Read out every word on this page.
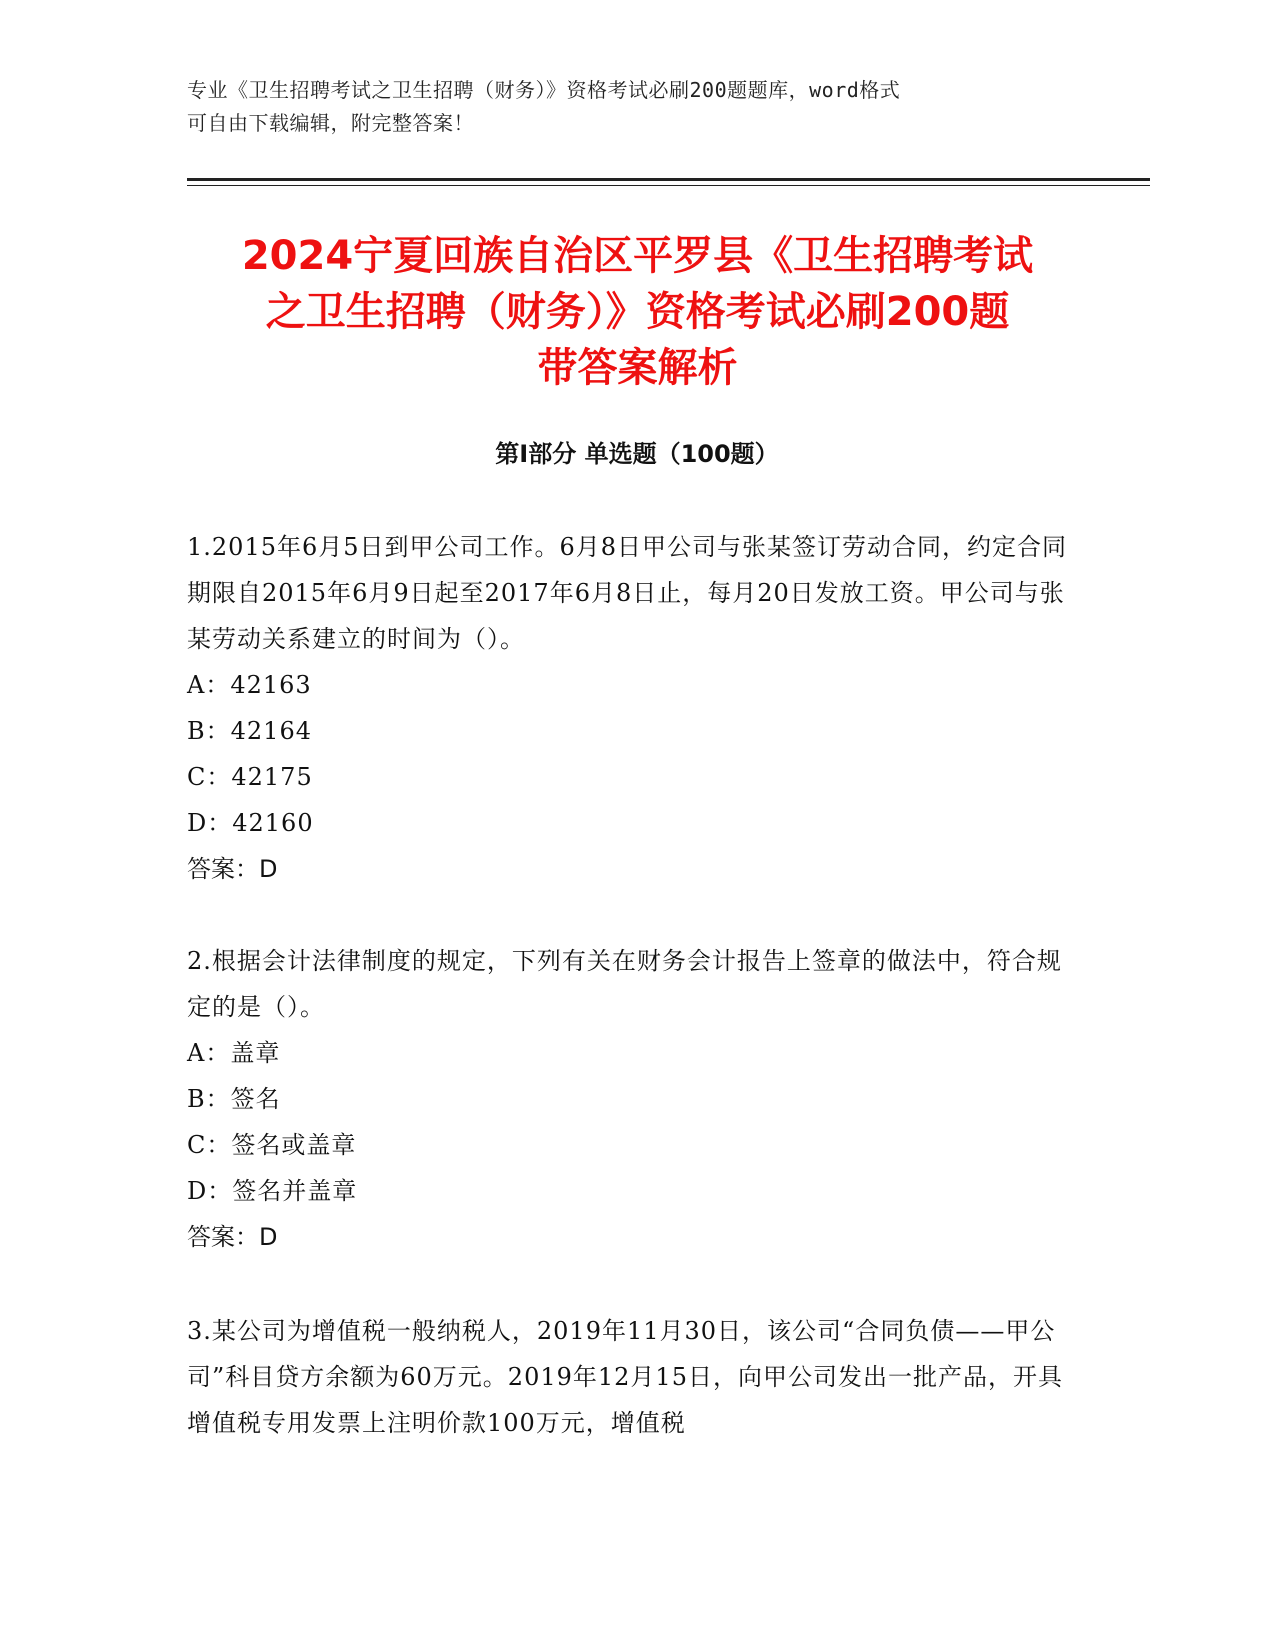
专业《卫生招聘考试之卫生招聘（财务）》资格考试必刷200题题库，word格式
可自由下载编辑，附完整答案！
2024宁夏回族自治区平罗县《卫生招聘考试
之卫生招聘（财务）》资格考试必刷200题
带答案解析
第Ⅰ部分 单选题（100题）
1.2015年6月5日到甲公司工作。6月8日甲公司与张某签订劳动合同，约定合同期限自2015年6月9日起至2017年6月8日止，每月20日发放工资。甲公司与张某劳动关系建立的时间为（）。
A：42163
B：42164
C：42175
D：42160
答案：D
2.根据会计法律制度的规定，下列有关在财务会计报告上签章的做法中，符合规定的是（）。
A：盖章
B：签名
C：签名或盖章
D：签名并盖章
答案：D
3.某公司为增值税一般纳税人，2019年11月30日，该公司“合同负债——甲公司”科目贷方余额为60万元。2019年12月15日，向甲公司发出一批产品，开具增值税专用发票上注明价款100万元，增值税
